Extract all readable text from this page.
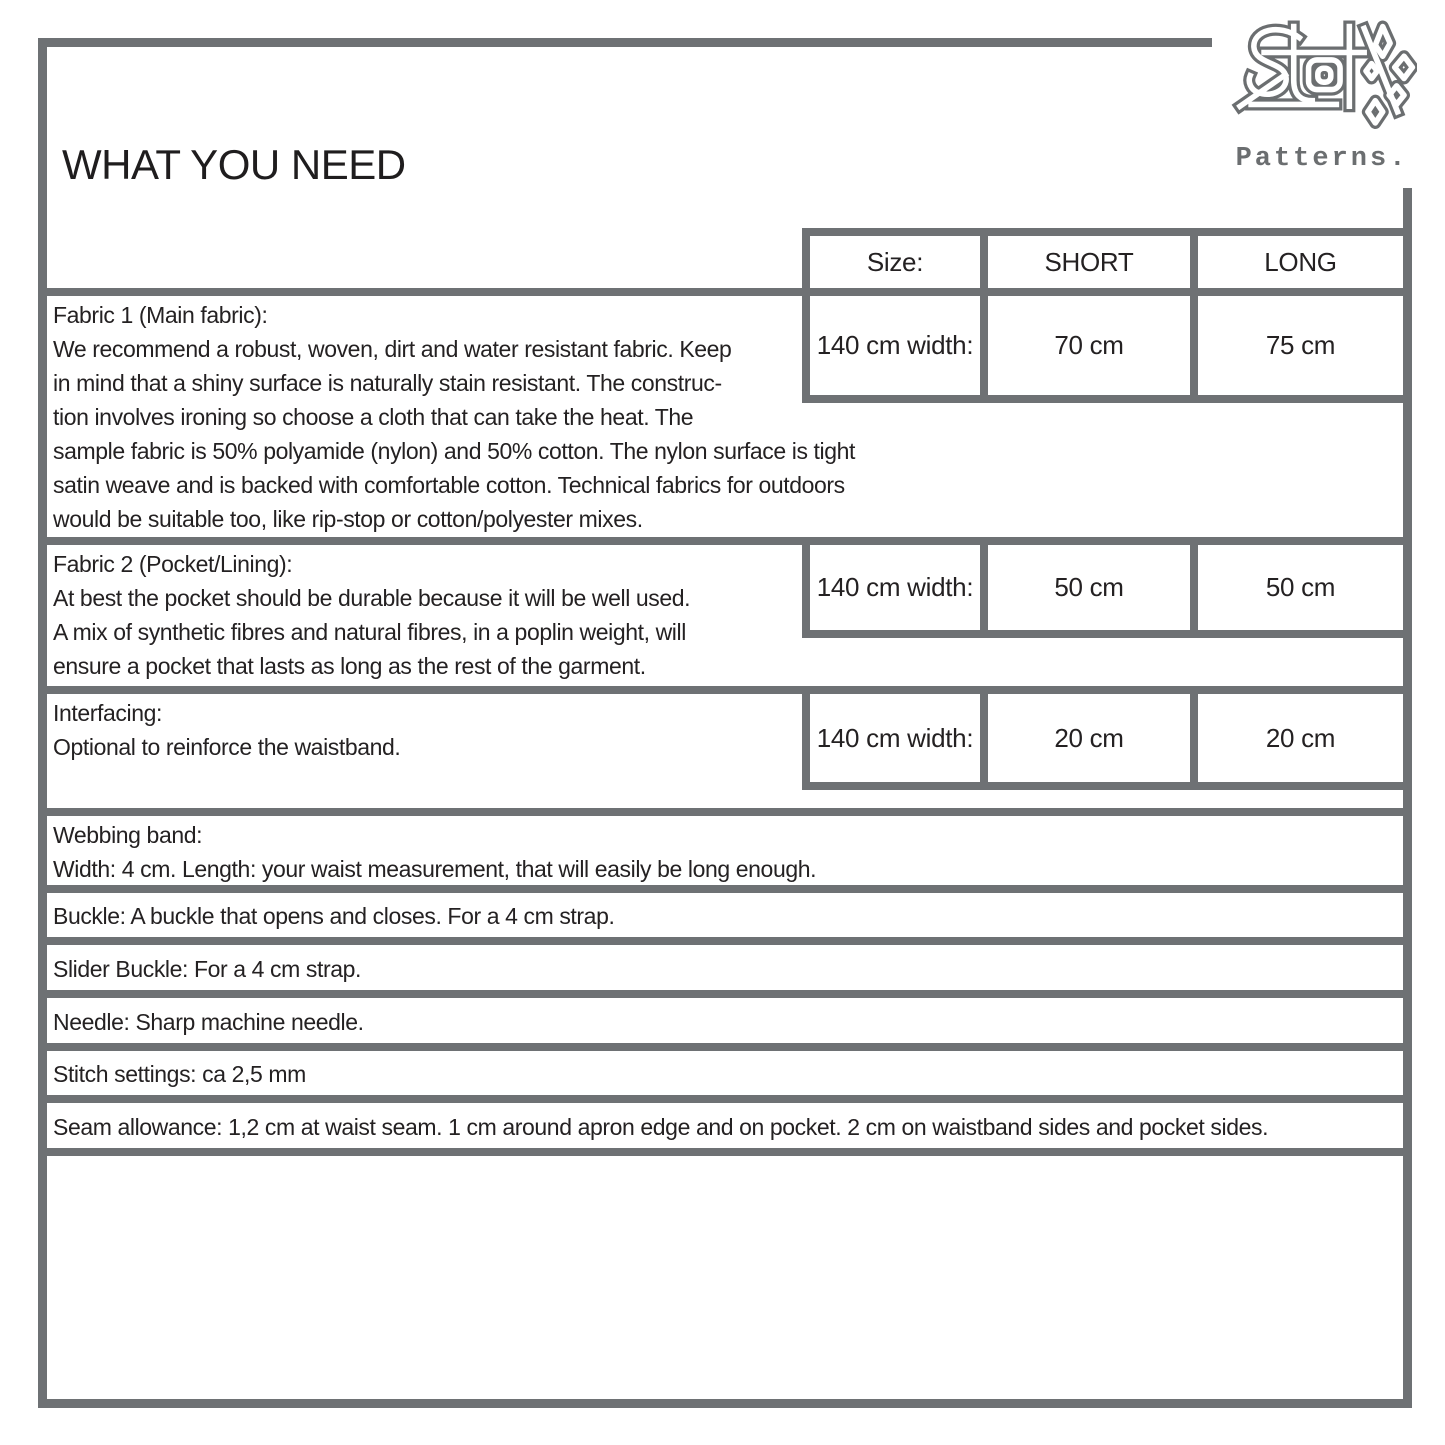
WHAT YOU NEED
Fabric 1 (Main fabric):
We recommend a robust, woven, dirt and water resistant fabric. Keep
in mind that a shiny surface is naturally stain resistant. The construc-
tion involves ironing so choose a cloth that can take the heat. The
sample fabric is 50% polyamide (nylon) and 50% cotton. The nylon surface is tight
satin weave and is backed with comfortable cotton. Technical fabrics for outdoors
would be suitable too, like rip-stop or cotton/polyester mixes.
Fabric 2 (Pocket/Lining):
At best the pocket should be durable because it will be well used.
A mix of synthetic fibres and natural fibres, in a poplin weight, will
ensure a pocket that lasts as long as the rest of the garment.
Interfacing:
Optional to reinforce the waistband.
Webbing band:
Width: 4 cm. Length: your waist measurement, that will easily be long enough.
Buckle: A buckle that opens and closes. For a 4 cm strap.
Slider Buckle: For a 4 cm strap.
Needle: Sharp machine needle.
Stitch settings: ca 2,5 mm
Seam allowance: 1,2 cm at waist seam. 1 cm around apron edge and on pocket. 2 cm on waistband sides and pocket sides.
Size:	SHORT	LONG
140 cm width:	70 cm	75 cm
140 cm width:	50 cm	50 cm
140 cm width:	20 cm	20 cm
Patterns.
